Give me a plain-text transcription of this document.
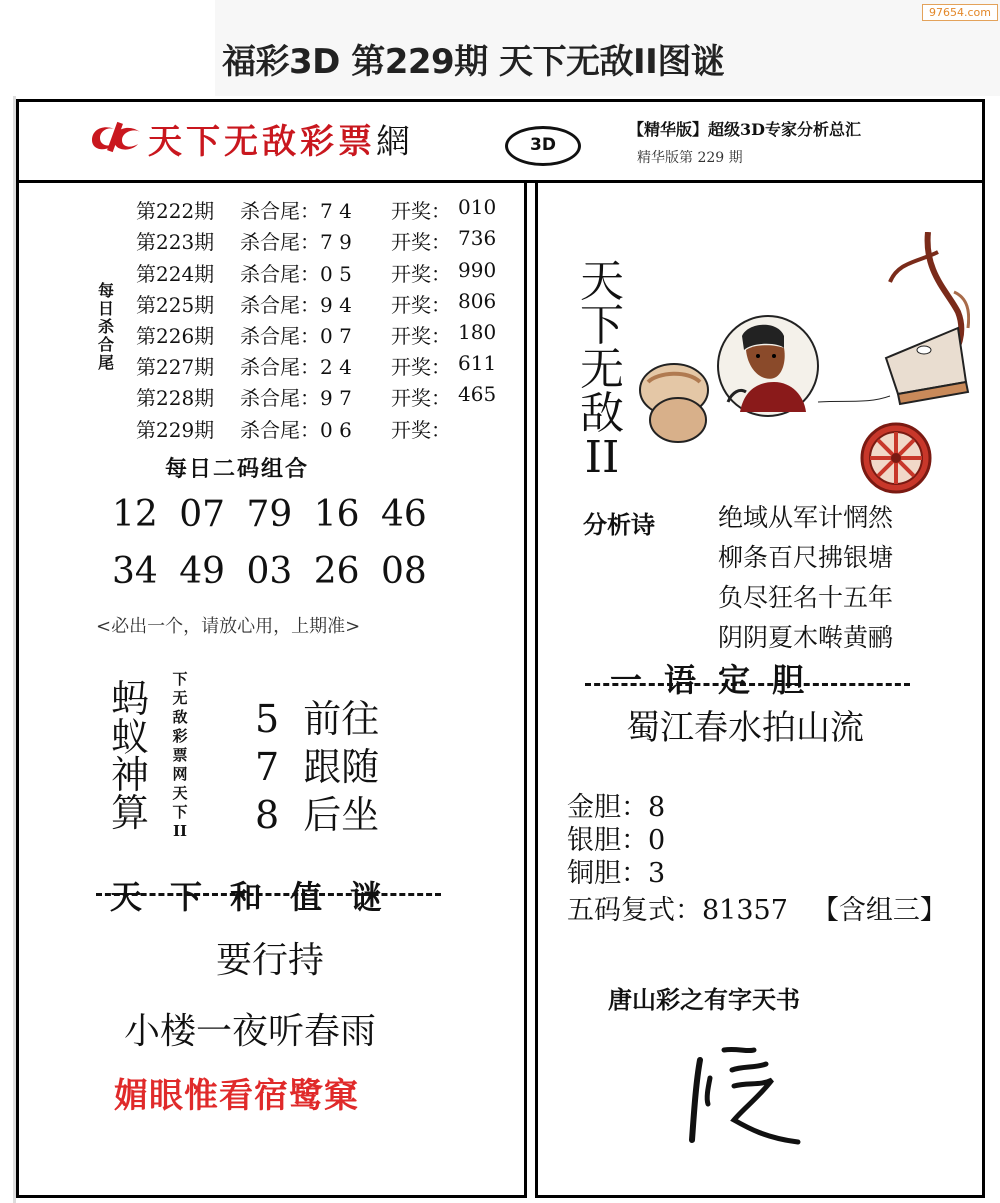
福彩3D 第229期 天下无敌II图谜
97654.com
天下无敌彩票網	3D
【精华版】超级3D专家分析总汇
精华版第 229 期
每日杀合尾
第222期 杀合尾：7 4 开奖： 010
第223期 杀合尾：7 9 开奖： 736
第224期 杀合尾：0 5 开奖： 990
第225期 杀合尾：9 4 开奖： 806
第226期 杀合尾：0 7 开奖： 180
第227期 杀合尾：2 4 开奖： 611
第228期 杀合尾：9 7 开奖： 465
第229期 杀合尾：0 6 开奖：
每日二码组合
12 07 79 16 46
34 49 03 26 08
<必出一个，请放心用，上期准>
蚂蚁神算
下无敌彩票网天下II
5 前往
7 跟随
8 后坐
天下和值谜
要行持
小楼一夜听春雨
媚眼惟看宿鹭窠
天下无敌II
分析诗	绝域从军计惘然
柳条百尺拂银塘
负尽狂名十五年
阴阴夏木啭黄鹂
一语定胆
蜀江春水拍山流
金胆：8
银胆：0
铜胆：3
五码复式：81357 【含组三】
唐山彩之有字天书
